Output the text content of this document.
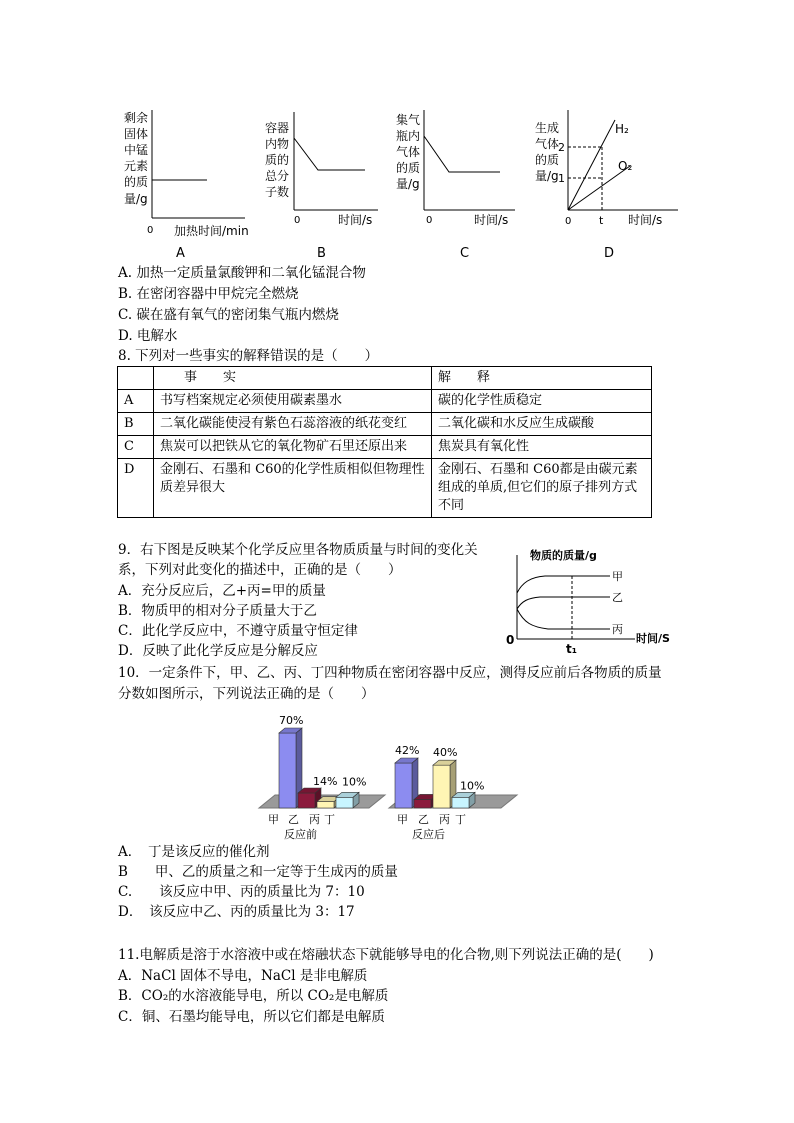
剩余
固体
中锰
元素
的质
量/g
0 加热时间/min
A
容器
内物
质的
总分
子数
0	时间/s
B
集气
瓶内
气体
的质
量/g
0	时间/s
C
生成
气体
的质
量/g
2
1
H₂
O₂
0	t 时间/s
D
A. 加热一定质量氯酸钾和二氧化锰混合物
B. 在密闭容器中甲烷完全燃烧
C. 碳在盛有氧气的密闭集气瓶内燃烧
D. 电解水
8. 下列对一些事实的解释错误的是（　　）
	事　　实	解　　释
A	书写档案规定必须使用碳素墨水	碳的化学性质稳定
B	二氧化碳能使浸有紫色石蕊溶液的纸花变红	二氧化碳和水反应生成碳酸
C	焦炭可以把铁从它的氧化物矿石里还原出来	焦炭具有氧化性
D	金刚石、石墨和 C60的化学性质相似但物理性质差异很大	金刚石、石墨和 C60都是由碳元素组成的单质,但它们的原子排列方式不同
9．右下图是反映某个化学反应里各物质质量与时间的变化关
系，下列对此变化的描述中，正确的是（　　）
A．充分反应后，乙+丙=甲的质量
B．物质甲的相对分子质量大于乙
C．此化学反应中，不遵守质量守恒定律
D．反映了此化学反应是分解反应
物质的质量/g
甲
乙
丙
0	时间/S
t₁
10．一定条件下，甲、乙、丙、丁四种物质在密闭容器中反应，测得反应前后各物质的质量
分数如图所示，下列说法正确的是（　　）
70%
14% 10%
42% 40%
10%
甲 乙 丙 丁	甲 乙 丙 丁
反应前	反应后
A．　丁是该反应的催化剂
B　　甲、乙的质量之和一定等于生成丙的质量
C.　　该反应中甲、丙的质量比为 7：10
D．　该反应中乙、丙的质量比为 3：17
11.电解质是溶于水溶液中或在熔融状态下就能够导电的化合物,则下列说法正确的是(　　)
A．NaCl 固体不导电，NaCl 是非电解质
B．CO₂的水溶液能导电，所以 CO₂是电解质
C．铜、石墨均能导电，所以它们都是电解质
